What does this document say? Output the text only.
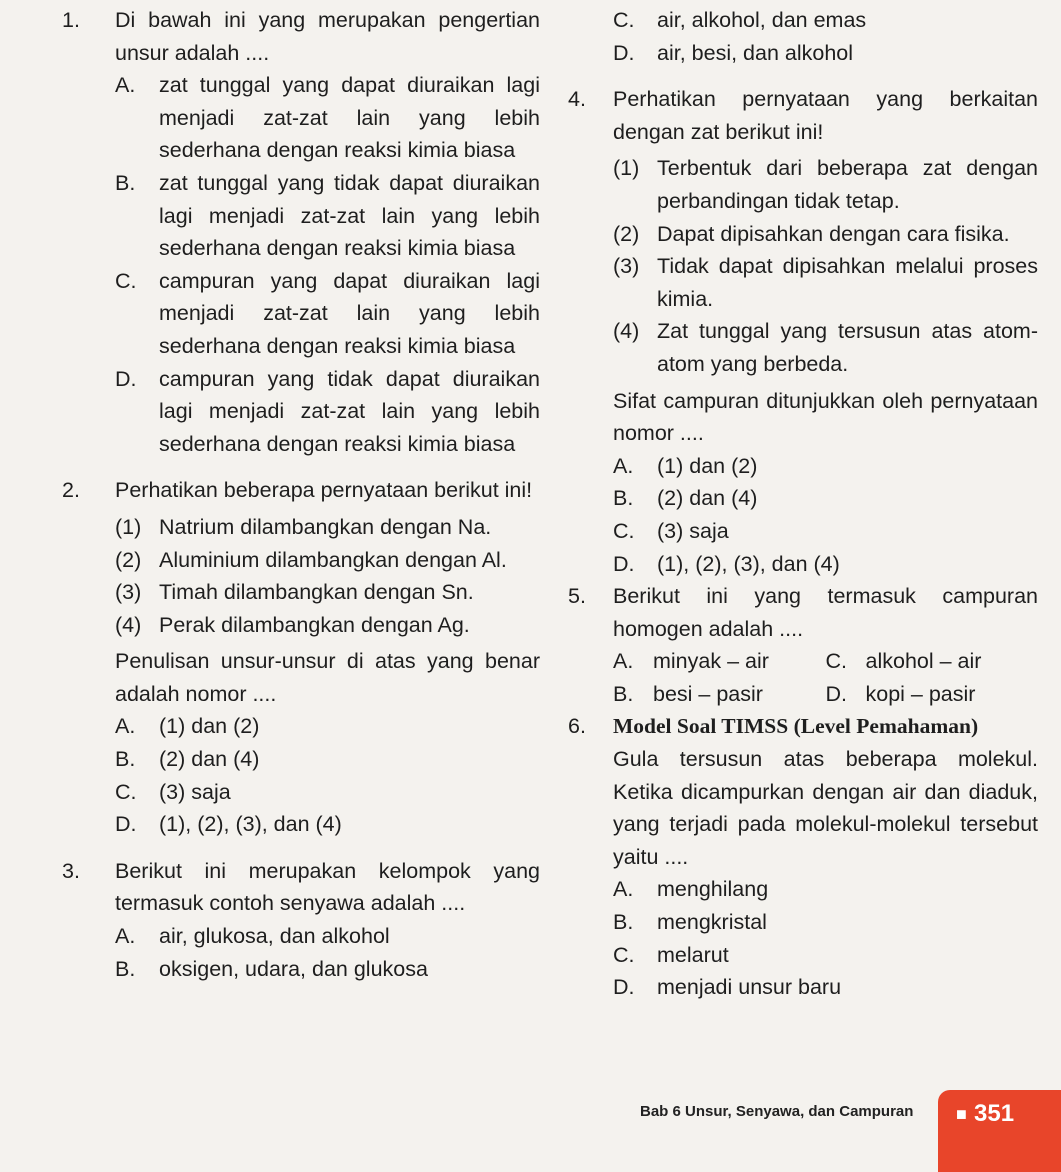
1. Di bawah ini yang merupakan pengertian unsur adalah ....
A. zat tunggal yang dapat diuraikan lagi menjadi zat-zat lain yang lebih sederhana dengan reaksi kimia biasa
B. zat tunggal yang tidak dapat diuraikan lagi menjadi zat-zat lain yang lebih sederhana dengan reaksi kimia biasa
C. campuran yang dapat diuraikan lagi menjadi zat-zat lain yang lebih sederhana dengan reaksi kimia biasa
D. campuran yang tidak dapat diuraikan lagi menjadi zat-zat lain yang lebih sederhana dengan reaksi kimia biasa
2. Perhatikan beberapa pernyataan berikut ini!
(1) Natrium dilambangkan dengan Na.
(2) Aluminium dilambangkan dengan Al.
(3) Timah dilambangkan dengan Sn.
(4) Perak dilambangkan dengan Ag.
Penulisan unsur-unsur di atas yang benar adalah nomor ....
A. (1) dan (2)
B. (2) dan (4)
C. (3) saja
D. (1), (2), (3), dan (4)
3. Berikut ini merupakan kelompok yang termasuk contoh senyawa adalah ....
A. air, glukosa, dan alkohol
B. oksigen, udara, dan glukosa
C. air, alkohol, dan emas
D. air, besi, dan alkohol
4. Perhatikan pernyataan yang berkaitan dengan zat berikut ini!
(1) Terbentuk dari beberapa zat dengan perbandingan tidak tetap.
(2) Dapat dipisahkan dengan cara fisika.
(3) Tidak dapat dipisahkan melalui proses kimia.
(4) Zat tunggal yang tersusun atas atom-atom yang berbeda.
Sifat campuran ditunjukkan oleh pernyataan nomor ....
A. (1) dan (2)
B. (2) dan (4)
C. (3) saja
D. (1), (2), (3), dan (4)
5. Berikut ini yang termasuk campuran homogen adalah ....
A. minyak – air	C. alkohol – air
B. besi – pasir	D. kopi – pasir
6. Model Soal TIMSS (Level Pemahaman)
Gula tersusun atas beberapa molekul. Ketika dicampurkan dengan air dan diaduk, yang terjadi pada molekul-molekul tersebut yaitu ....
A. menghilang
B. mengkristal
C. melarut
D. menjadi unsur baru
Bab 6 Unsur, Senyawa, dan Campuran ■ 351
